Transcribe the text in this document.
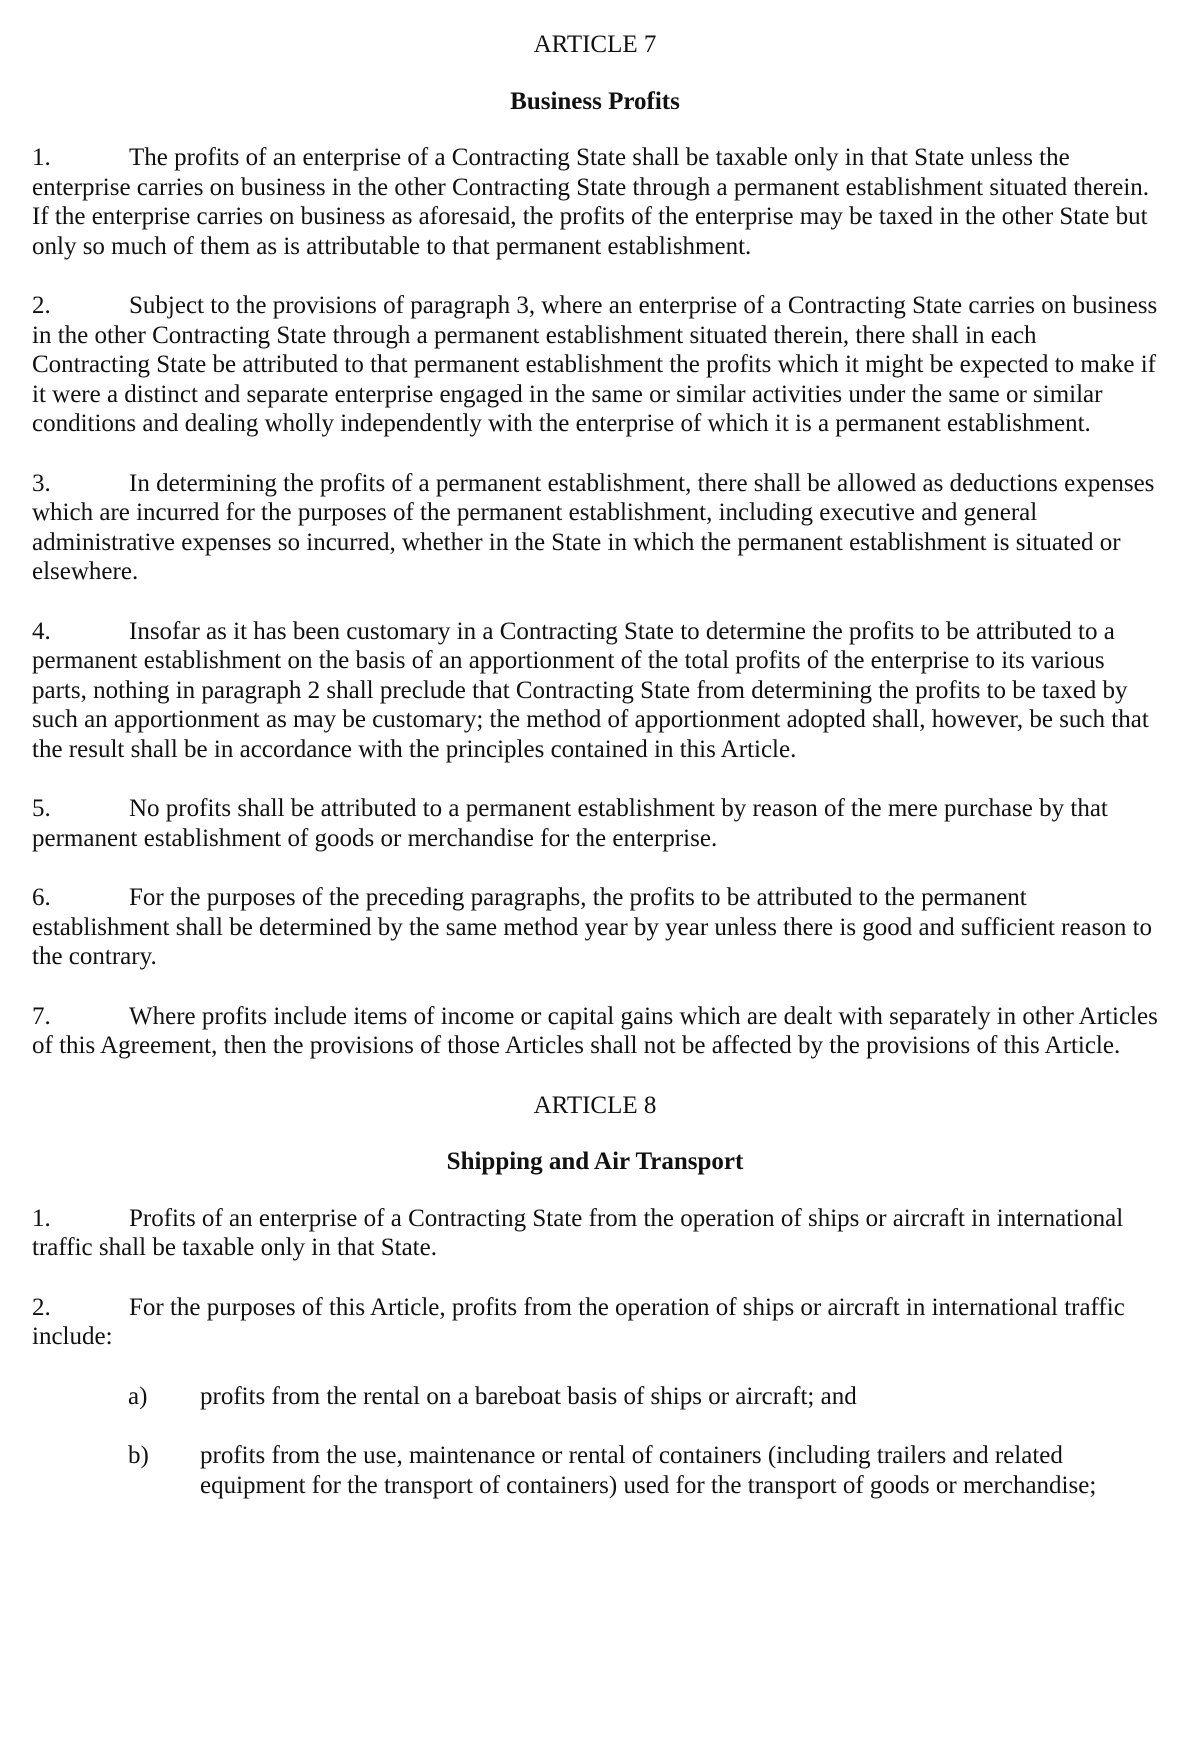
ARTICLE 7
Business Profits
1.	The profits of an enterprise of a Contracting State shall be taxable only in that State unless the enterprise carries on business in the other Contracting State through a permanent establishment situated therein. If the enterprise carries on business as aforesaid, the profits of the enterprise may be taxed in the other State but only so much of them as is attributable to that permanent establishment.
2.	Subject to the provisions of paragraph 3, where an enterprise of a Contracting State carries on business in the other Contracting State through a permanent establishment situated therein, there shall in each Contracting State be attributed to that permanent establishment the profits which it might be expected to make if it were a distinct and separate enterprise engaged in the same or similar activities under the same or similar conditions and dealing wholly independently with the enterprise of which it is a permanent establishment.
3.	In determining the profits of a permanent establishment, there shall be allowed as deductions expenses which are incurred for the purposes of the permanent establishment, including executive and general administrative expenses so incurred, whether in the State in which the permanent establishment is situated or elsewhere.
4.	Insofar as it has been customary in a Contracting State to determine the profits to be attributed to a permanent establishment on the basis of an apportionment of the total profits of the enterprise to its various parts, nothing in paragraph 2 shall preclude that Contracting State from determining the profits to be taxed by such an apportionment as may be customary; the method of apportionment adopted shall, however, be such that the result shall be in accordance with the principles contained in this Article.
5.	No profits shall be attributed to a permanent establishment by reason of the mere purchase by that permanent establishment of goods or merchandise for the enterprise.
6.	For the purposes of the preceding paragraphs, the profits to be attributed to the permanent establishment shall be determined by the same method year by year unless there is good and sufficient reason to the contrary.
7.	Where profits include items of income or capital gains which are dealt with separately in other Articles of this Agreement, then the provisions of those Articles shall not be affected by the provisions of this Article.
ARTICLE 8
Shipping and Air Transport
1.	Profits of an enterprise of a Contracting State from the operation of ships or aircraft in international traffic shall be taxable only in that State.
2.	For the purposes of this Article, profits from the operation of ships or aircraft in international traffic include:
a) profits from the rental on a bareboat basis of ships or aircraft; and
b) profits from the use, maintenance or rental of containers (including trailers and related equipment for the transport of containers) used for the transport of goods or merchandise;
